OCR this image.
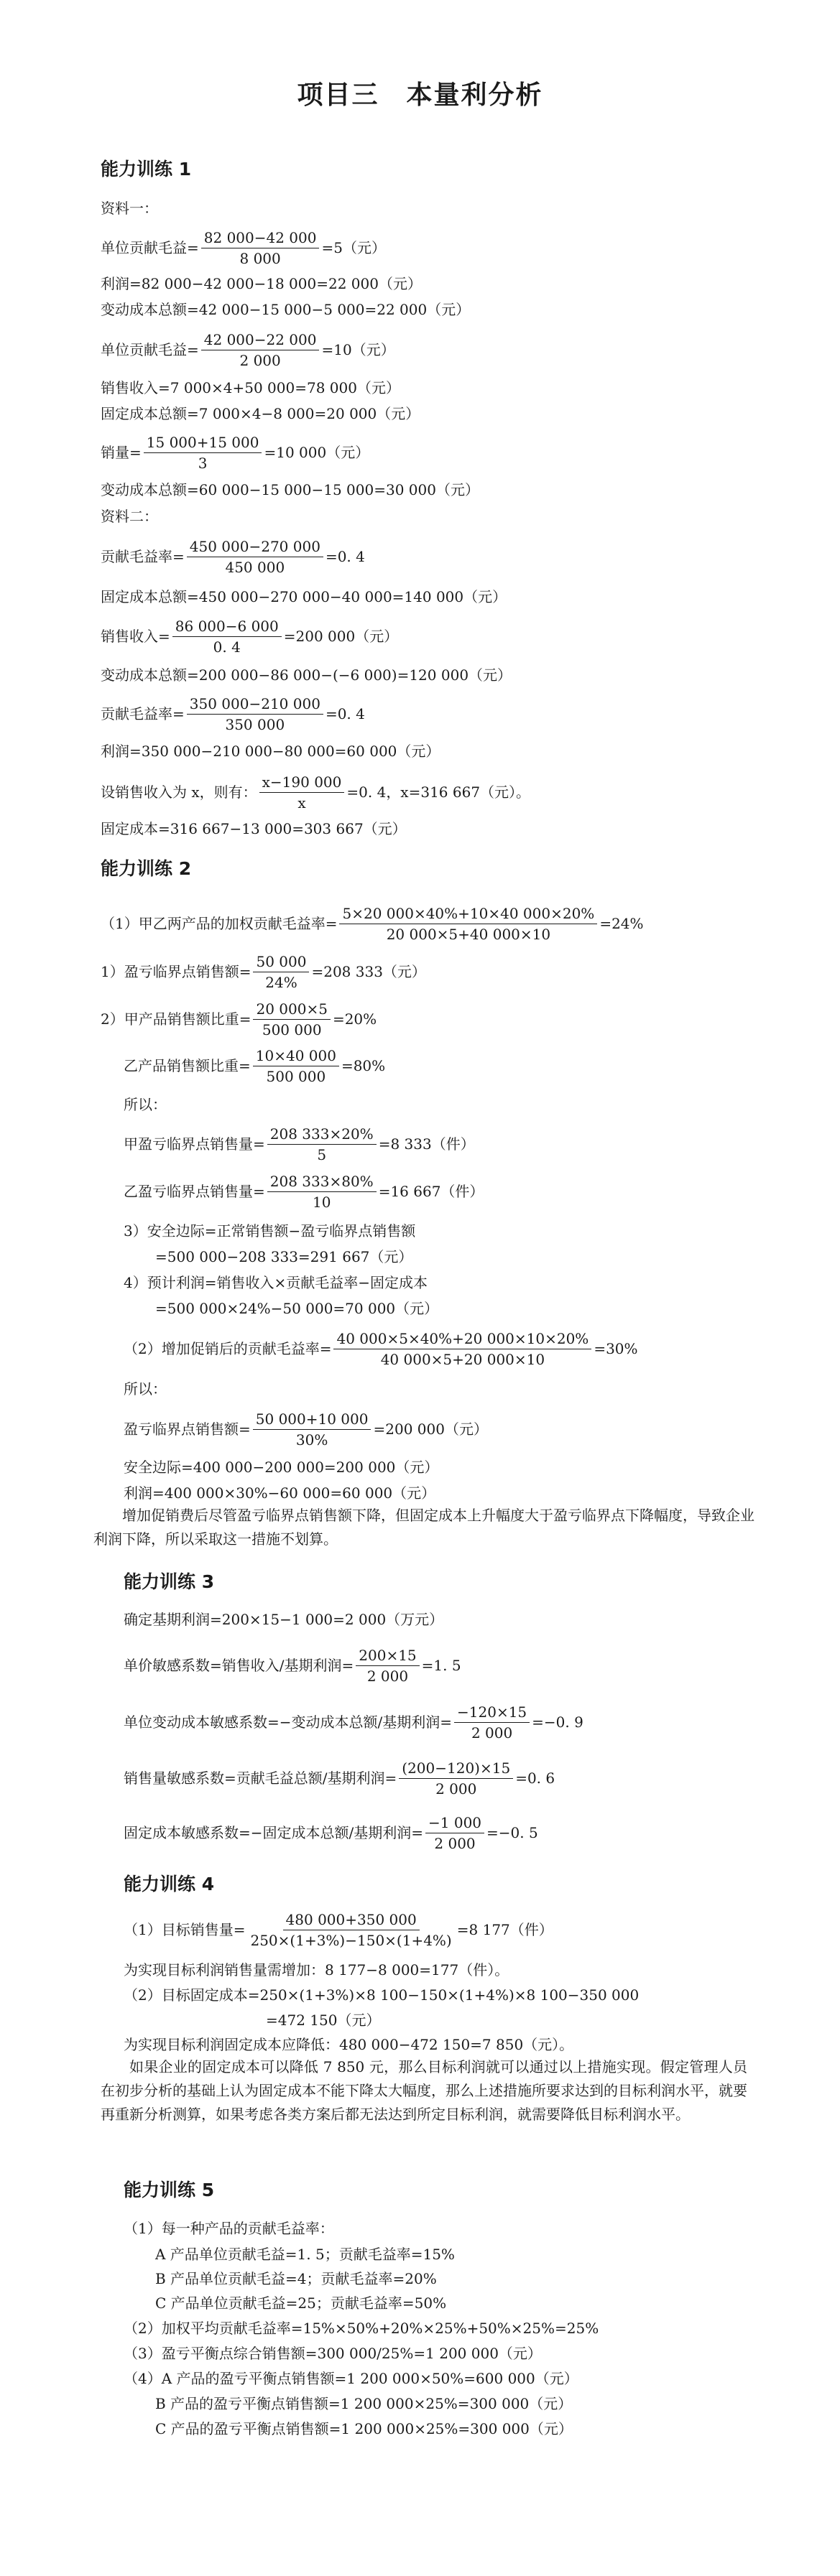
项目三　本量利分析
能力训练 1
资料一：
单位贡献毛益= $\frac{82 000-42 000}{8 000} =5$（元）
利润=82 000−42 000−18 000=22 000（元）
变动成本总额=42 000−15 000−5 000=22 000（元）
单位贡献毛益= $\frac{42 000-22 000}{2 000} =10$（元）
销售收入=7 000×4+50 000=78 000（元）
固定成本总额=7 000×4−8 000=20 000（元）
销量= $\frac{15 000+15 000}{3} =10$ 000（元）
变动成本总额=60 000−15 000−15 000=30 000（元）
资料二：
贡献毛益率= $\frac{450 000-270 000}{450 000} =0$. 4
固定成本总额=450 000−270 000−40 000=140 000（元）
销售收入= $\frac{86 000-6 000}{0. 4} =200$ 000（元）
变动成本总额=200 000−86 000−(−6 000)=120 000（元）
贡献毛益率= $\frac{350 000-210 000}{350 000} =0$. 4
利润=350 000−210 000−80 000=60 000（元）
设销售收入为 x，则有： $\frac{x-190 000}{x} =0$. 4，x=316 667（元）。
固定成本=316 667−13 000=303 667（元）
能力训练 2
（1）甲乙两产品的加权贡献毛益率= $\frac{5\times 20 000\times 40\%+10\times 40 000\times 20\%}{20 000\times 5+40 000\times 10} =24\%$
1）盈亏临界点销售额= $\frac{50 000}{24\%} =208$ 333（元）
2）甲产品销售额比重= $\frac{20 000\times 5}{500 000} =20\%$
乙产品销售额比重= $\frac{10\times 40 000}{500 000} =80\%$
所以：
甲盈亏临界点销售量= $\frac{208 333\times 20\%}{5} =8$ 333（件）
乙盈亏临界点销售量= $\frac{208 333\times 80\%}{10} =16$ 667（件）
3）安全边际=正常销售额−盈亏临界点销售额
=500 000−208 333=291 667（元）
4）预计利润=销售收入×贡献毛益率−固定成本
=500 000×24%−50 000=70 000（元）
（2）增加促销后的贡献毛益率= $\frac{40 000\times 5\times 40\%+20 000\times 10\times 20\%}{40 000\times 5+20 000\times 10} =30\%$
所以：
盈亏临界点销售额= $\frac{50 000+10 000}{30\%} =200$ 000（元）
安全边际=400 000−200 000=200 000（元）
利润=400 000×30%−60 000=60 000（元）
增加促销费后尽管盈亏临界点销售额下降，但固定成本上升幅度大于盈亏临界点下降幅度，导致企业利润下降，所以采取这一措施不划算。
能力训练 3
确定基期利润=200×15−1 000=2 000（万元）
单价敏感系数=销售收入/基期利润= $\frac{200\times 15}{2 000} =1$. 5
单位变动成本敏感系数=−变动成本总额/基期利润= $\frac{-120\times 15}{2 000} =-0$. 9
销售量敏感系数=贡献毛益总额/基期利润= $\frac{(200-120)\times 15}{2 000} =0$. 6
固定成本敏感系数=−固定成本总额/基期利润= $\frac{-1 000}{2 000} =-0$. 5
能力训练 4
（1）目标销售量= $\frac{480 000+350 000}{250\times(1+3\%)-150\times(1+4\%)} =8$ 177（件）
为实现目标利润销售量需增加：8 177−8 000=177（件）。
（2）目标固定成本=250×(1+3%)×8 100−150×(1+4%)×8 100−350 000
=472 150（元）
为实现目标利润固定成本应降低：480 000−472 150=7 850（元）。
如果企业的固定成本可以降低 7 850 元，那么目标利润就可以通过以上措施实现。假定管理人员在初步分析的基础上认为固定成本不能下降太大幅度，那么上述措施所要求达到的目标利润水平，就要再重新分析测算，如果考虑各类方案后都无法达到所定目标利润，就需要降低目标利润水平。
能力训练 5
（1）每一种产品的贡献毛益率：
A 产品单位贡献毛益=1. 5；贡献毛益率=15%
B 产品单位贡献毛益=4；贡献毛益率=20%
C 产品单位贡献毛益=25；贡献毛益率=50%
（2）加权平均贡献毛益率=15%×50%+20%×25%+50%×25%=25%
（3）盈亏平衡点综合销售额=300 000/25%=1 200 000（元）
（4）A 产品的盈亏平衡点销售额=1 200 000×50%=600 000（元）
B 产品的盈亏平衡点销售额=1 200 000×25%=300 000（元）
C 产品的盈亏平衡点销售额=1 200 000×25%=300 000（元）
